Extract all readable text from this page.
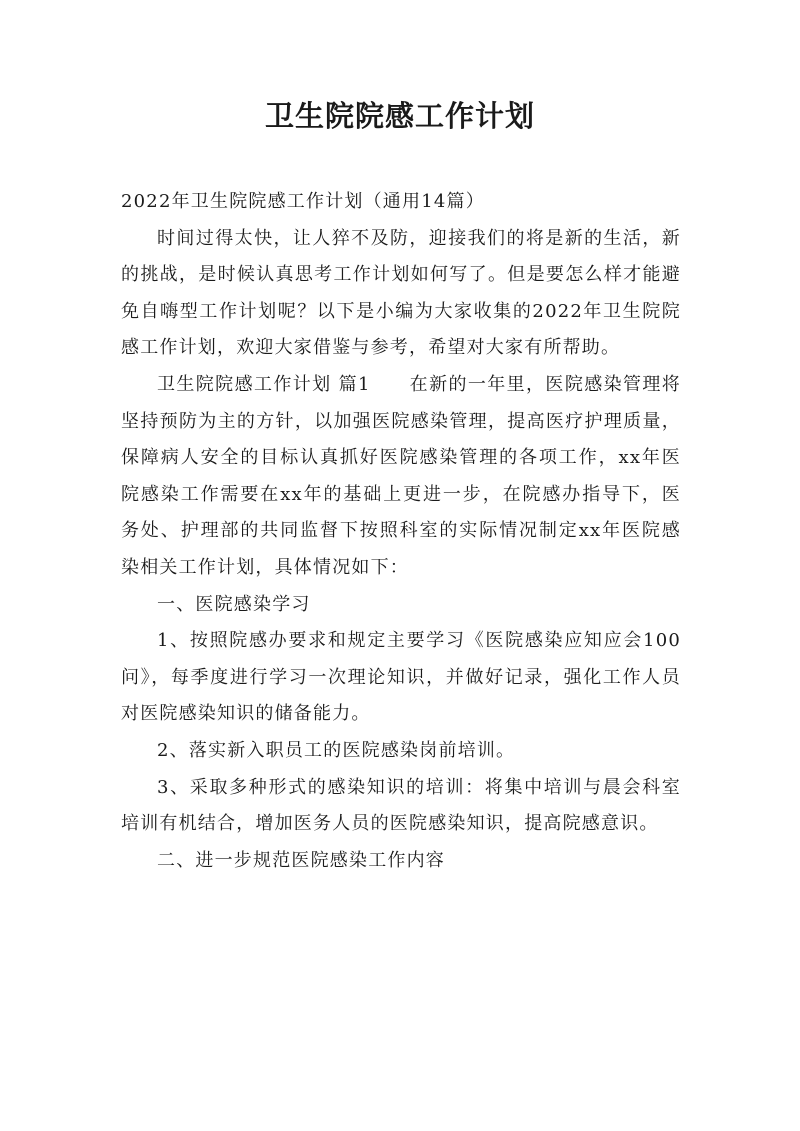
卫生院院感工作计划

2022年卫生院院感工作计划（通用14篇）

时间过得太快，让人猝不及防，迎接我们的将是新的生活，新的挑战，是时候认真思考工作计划如何写了。但是要怎么样才能避免自嗨型工作计划呢？以下是小编为大家收集的2022年卫生院院感工作计划，欢迎大家借鉴与参考，希望对大家有所帮助。

卫生院院感工作计划 篇1　　在新的一年里，医院感染管理将坚持预防为主的方针，以加强医院感染管理，提高医疗护理质量，保障病人安全的目标认真抓好医院感染管理的各项工作，xx年医院感染工作需要在xx年的基础上更进一步，在院感办指导下，医务处、护理部的共同监督下按照科室的实际情况制定xx年医院感染相关工作计划，具体情况如下：

一、医院感染学习

1、按照院感办要求和规定主要学习《医院感染应知应会100问》，每季度进行学习一次理论知识，并做好记录，强化工作人员对医院感染知识的储备能力。

2、落实新入职员工的医院感染岗前培训。

3、采取多种形式的感染知识的培训：将集中培训与晨会科室培训有机结合，增加医务人员的医院感染知识，提高院感意识。

二、进一步规范医院感染工作内容
